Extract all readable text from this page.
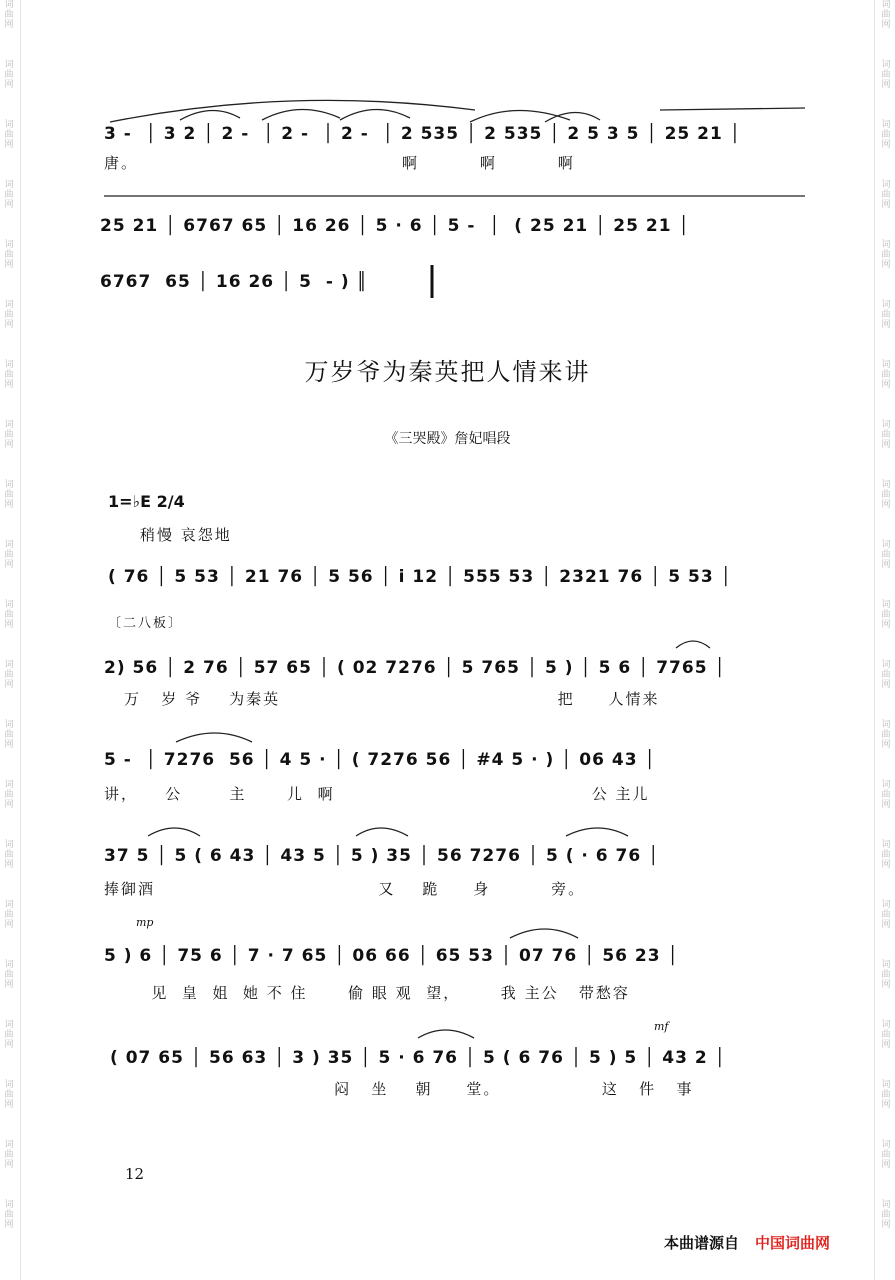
词
曲
网
词
曲
网
词
曲
网
词
曲
网
词
曲
网
词
曲
网
词
曲
网
词
曲
网
词
曲
网
词
曲
网
词
曲
网
词
曲
网
词
曲
网
词
曲
网
词
曲
网
词
曲
网
词
曲
网
词
曲
网
词
曲
网
词
曲
网
词
曲
网
词
曲
网
词
曲
网
词
曲
网
词
曲
网
词
曲
网
词
曲
网
词
曲
网
词
曲
网
词
曲
网
词
曲
网
词
曲
网
词
曲
网
词
曲
网
词
曲
网
词
曲
网
词
曲
网
词
曲
网
词
曲
网
词
曲
网
词
曲
网
词
曲
网
3 -  │ 3 2 │ 2 -  │ 2 -  │ 2 -  │ 2 535 │ 2 535 │ 2 5 3 5 │ 25 21 │
唐。                                       啊         啊         啊
25 21 │ 6767 65 │ 16 26 │ 5 · 6 │ 5 -  │  ( 25 21 │ 25 21 │
6767  65 │ 16 26 │ 5  - ) ║
万岁爷为秦英把人情来讲
《三哭殿》詹妃唱段
1=♭E 2/4
稍慢 哀怨地
〔二八板〕
( 76 │ 5 53 │ 21 76 │ 5 56 │ i 12 │ 555 53 │ 2321 76 │ 5 53 │
2) 56 │ 2 76 │ 57 65 │ ( 02 7276 │ 5 765 │ 5 ) │ 5 6 │ 7765 │
万   岁 爷    为秦英                                         把     人情来
5 -  │ 7276  56 │ 4 5 · │ ( 7276 56 │ #4 5 · ) │ 06 43 │
讲，    公       主      儿  啊                                      公 主儿
37 5 │ 5 ( 6 43 │ 43 5 │ 5 ) 35 │ 56 7276 │ 5 ( · 6 76 │
捧御酒                                 又    跪     身         旁。
mp
5 ) 6 │ 75 6 │ 7 · 7 65 │ 06 66 │ 65 53 │ 07 76 │ 56 23 │
见  皇  姐  她 不 住      偷 眼 观  望，      我 主公   带愁容
mf
( 07 65 │ 56 63 │ 3 ) 35 │ 5 · 6 76 │ 5 ( 6 76 │ 5 ) 5 │ 43 2 │
闷   坐    朝     堂。               这   件   事
12
本曲谱源自 中国词曲网
